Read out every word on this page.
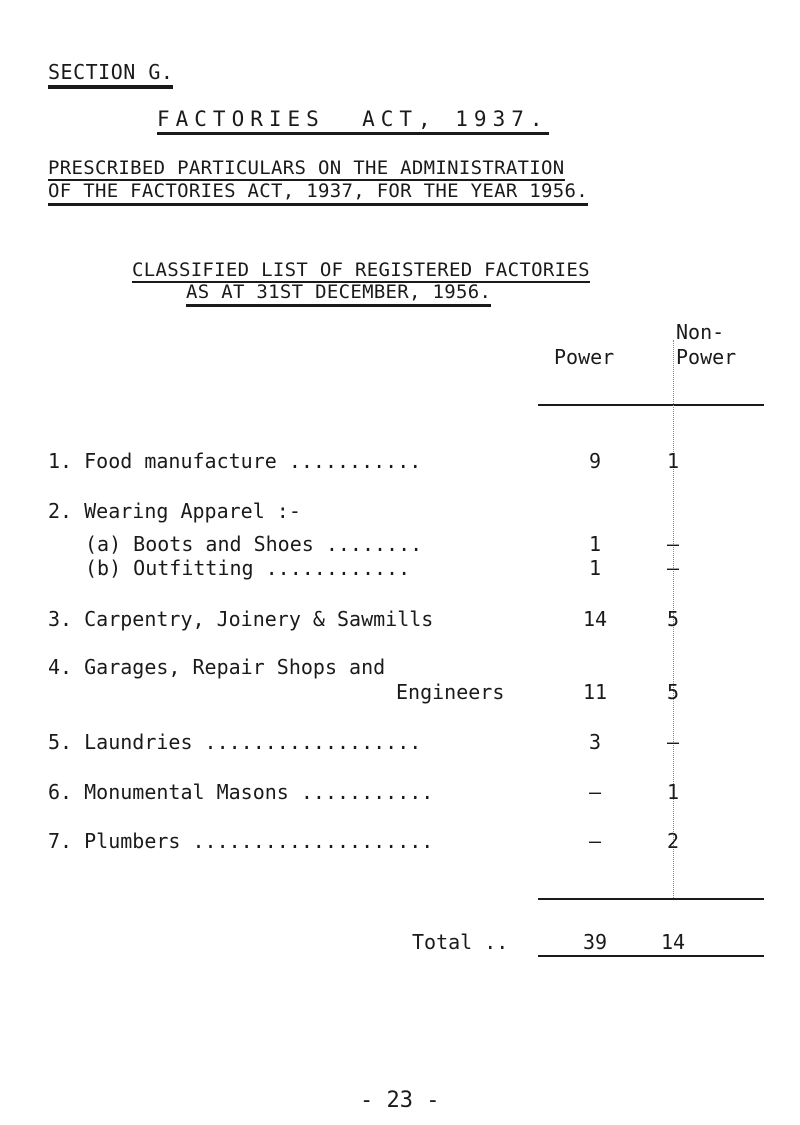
SECTION G.
FACTORIES  ACT, 1937.
PRESCRIBED PARTICULARS ON THE ADMINISTRATION
OF THE FACTORIES ACT, 1937, FOR THE YEAR 1956.
CLASSIFIED LIST OF REGISTERED FACTORIES
AS AT 31ST DECEMBER, 1956.
Power
Non-
Power
1. Food manufacture ...........	9	1
2. Wearing Apparel :-
(a) Boots and Shoes ........	1	–
(b) Outfitting ............	1	–
3. Carpentry, Joinery & Sawmills	14	5
4. Garages, Repair Shops and
Engineers	11	5
5. Laundries ..................	3	–
6. Monumental Masons ...........	–	1
7. Plumbers ....................	–	2
Total ..	39	14
- 23 -
